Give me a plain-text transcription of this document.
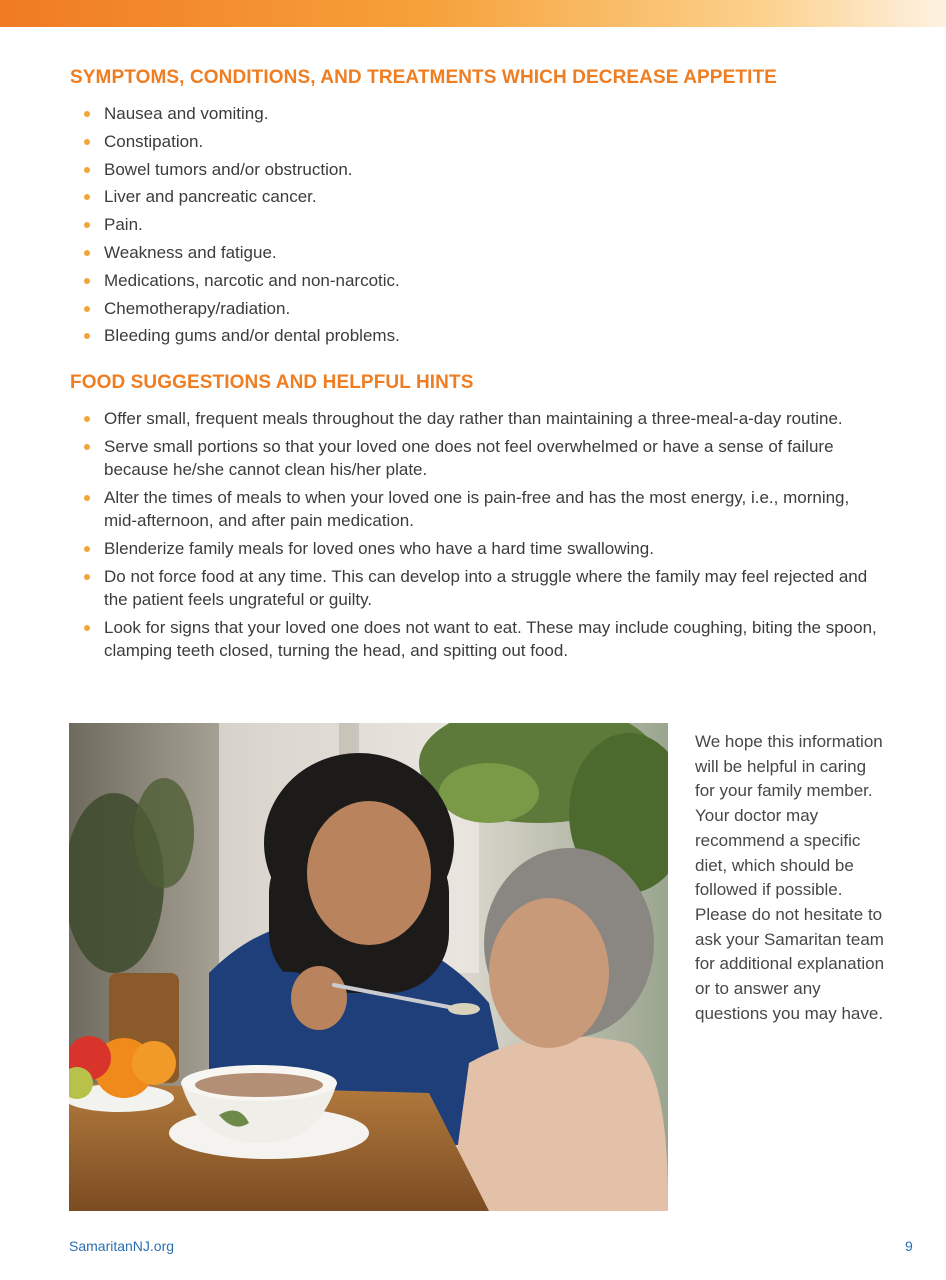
SYMPTOMS, CONDITIONS, AND TREATMENTS WHICH DECREASE APPETITE
Nausea and vomiting.
Constipation.
Bowel tumors and/or obstruction.
Liver and pancreatic cancer.
Pain.
Weakness and fatigue.
Medications, narcotic and non-narcotic.
Chemotherapy/radiation.
Bleeding gums and/or dental problems.
FOOD SUGGESTIONS AND HELPFUL HINTS
Offer small, frequent meals throughout the day rather than maintaining a three-meal-a-day routine.
Serve small portions so that your loved one does not feel overwhelmed or have a sense of failure because he/she cannot clean his/her plate.
Alter the times of meals to when your loved one is pain-free and has the most energy, i.e., morning, mid-afternoon, and after pain medication.
Blenderize family meals for loved ones who have a hard time swallowing.
Do not force food at any time. This can develop into a struggle where the family may feel rejected and the patient feels ungrateful or guilty.
Look for signs that your loved one does not want to eat. These may include coughing, biting the spoon, clamping teeth closed, turning the head, and spitting out food.

We hope this information will be helpful in caring for your family member. Your doctor may recommend a specific diet, which should be followed if possible. Please do not hesitate to ask your Samaritan team for additional explanation or to answer any questions you may have.

SamaritanNJ.org	9
